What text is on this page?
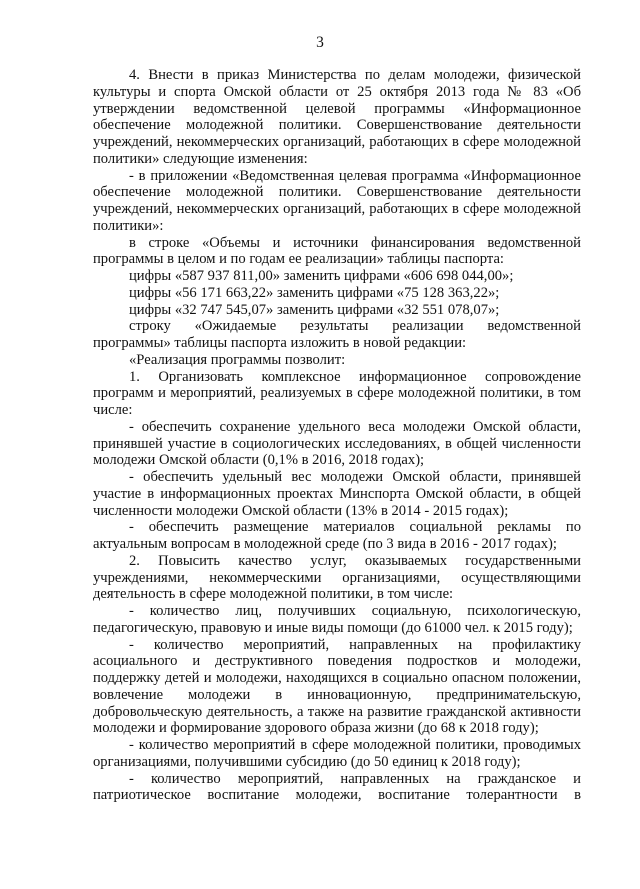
3

4. Внести в приказ Министерства по делам молодежи, физической культуры и спорта Омской области от 25 октября 2013 года № 83 «Об утверждении ведомственной целевой программы «Информационное обеспечение молодежной политики. Совершенствование деятельности учреждений, некоммерческих организаций, работающих в сфере молодежной политики» следующие изменения:

- в приложении «Ведомственная целевая программа «Информационное обеспечение молодежной политики. Совершенствование деятельности учреждений, некоммерческих организаций, работающих в сфере молодежной политики»:

в строке «Объемы и источники финансирования ведомственной программы в целом и по годам ее реализации» таблицы паспорта:

цифры «587 937 811,00» заменить цифрами «606 698 044,00»;

цифры «56 171 663,22» заменить цифрами «75 128 363,22»;

цифры «32 747 545,07» заменить цифрами «32 551 078,07»;

строку «Ожидаемые результаты реализации ведомственной программы» таблицы паспорта изложить в новой редакции:

«Реализация программы позволит:

1. Организовать комплексное информационное сопровождение программ и мероприятий, реализуемых в сфере молодежной политики, в том числе:

- обеспечить сохранение удельного веса молодежи Омской области, принявшей участие в социологических исследованиях, в общей численности молодежи Омской области (0,1% в 2016, 2018 годах);

- обеспечить удельный вес молодежи Омской области, принявшей участие в информационных проектах Минспорта Омской области, в общей численности молодежи Омской области (13% в 2014 - 2015 годах);

- обеспечить размещение материалов социальной рекламы по актуальным вопросам в молодежной среде (по 3 вида в 2016 - 2017 годах);

2. Повысить качество услуг, оказываемых государственными учреждениями, некоммерческими организациями, осуществляющими деятельность в сфере молодежной политики, в том числе:

- количество лиц, получивших социальную, психологическую, педагогическую, правовую и иные виды помощи (до 61000 чел. к 2015 году);

- количество мероприятий, направленных на профилактику асоциального и деструктивного поведения подростков и молодежи, поддержку детей и молодежи, находящихся в социально опасном положении, вовлечение молодежи в инновационную, предпринимательскую, добровольческую деятельность, а также на развитие гражданской активности молодежи и формирование здорового образа жизни (до 68 к 2018 году);

- количество мероприятий в сфере молодежной политики, проводимых организациями, получившими субсидию (до 50 единиц к 2018 году);

- количество мероприятий, направленных на гражданское и патриотическое воспитание молодежи, воспитание толерантности в
